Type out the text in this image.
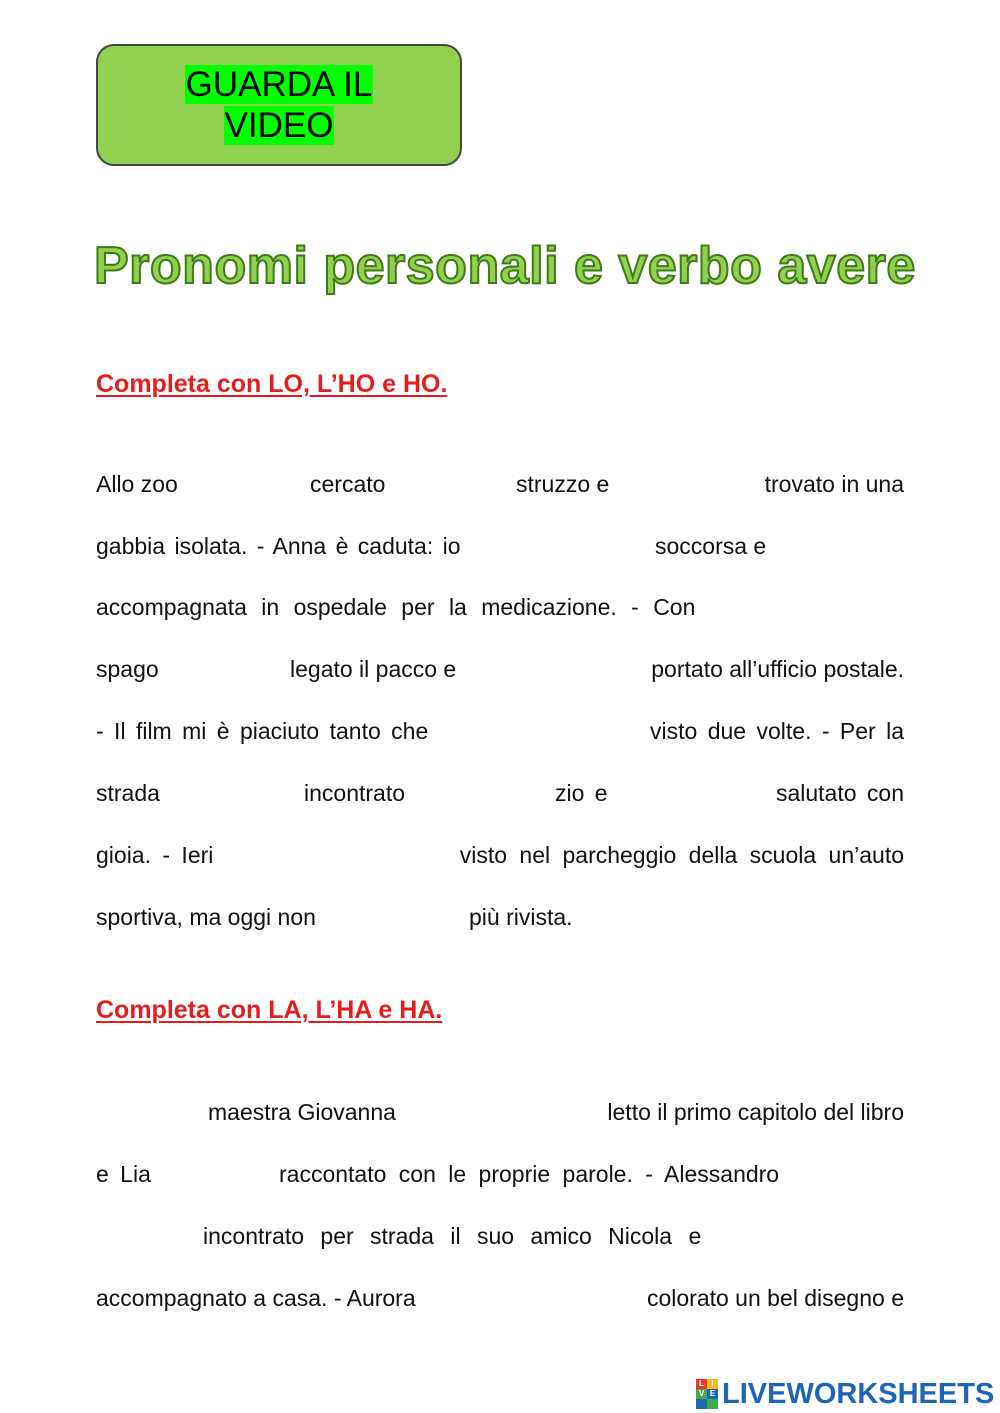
GUARDA IL
VIDEO
Pronomi personali e verbo avere
Completa con LO, L’HO e HO.
Allo zoo	cercato	struzzo e	trovato in una
gabbia isolata. - Anna è caduta: io	soccorsa e
accompagnata in ospedale per la medicazione. - Con
spago	legato il pacco e	portato all’ufficio postale.
- Il film mi è piaciuto tanto che	visto due volte. - Per la
strada	incontrato	zio e	salutato con
gioia. - Ieri	visto nel parcheggio della scuola un’auto
sportiva, ma oggi non	più rivista.
Completa con LA, L’HA e HA.
maestra Giovanna	letto il primo capitolo del libro
e Lia	raccontato con le proprie parole. - Alessandro
incontrato per strada il suo amico Nicola e
accompagnato a casa. - Aurora	colorato un bel disegno e
L I
V E LIVEWORKSHEETS
